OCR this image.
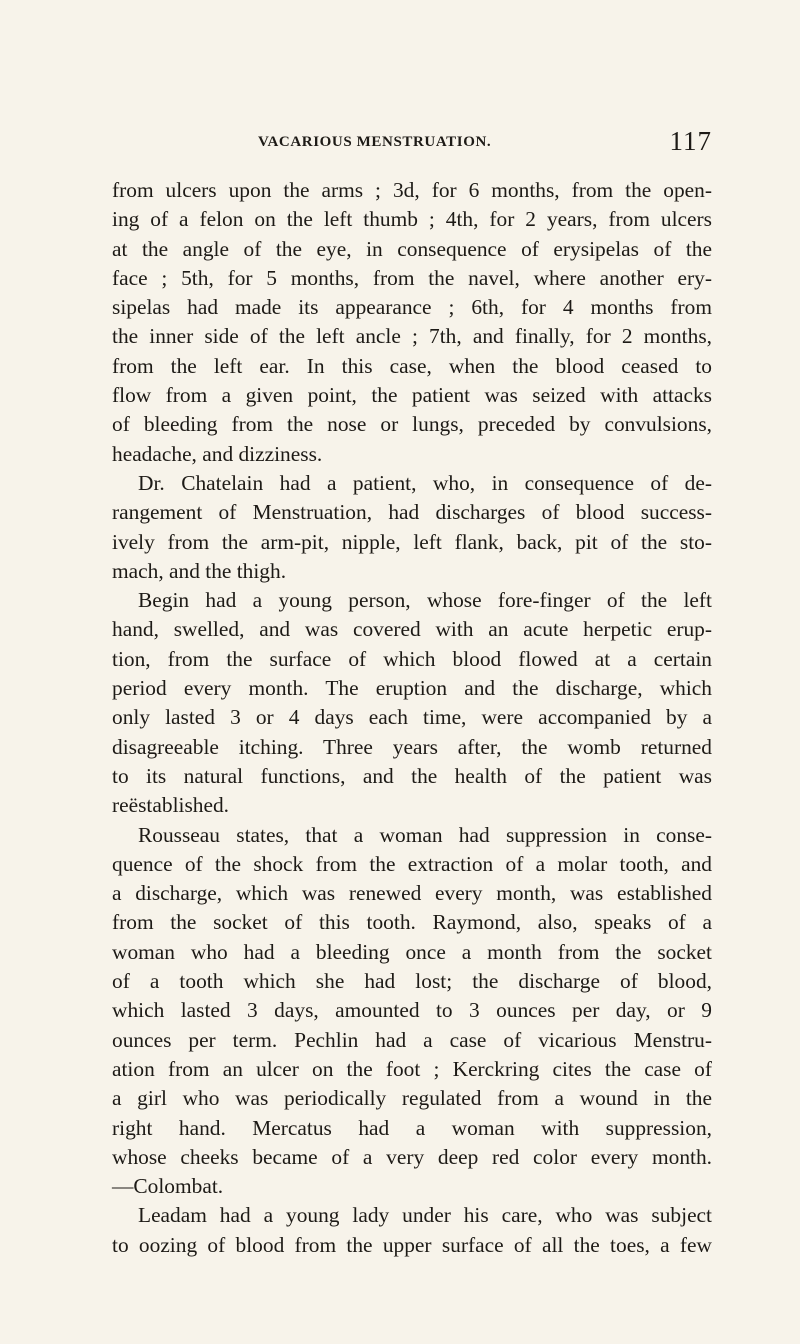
VACARIOUS MENSTRUATION.	117
from ulcers upon the arms ; 3d, for 6 months, from the open-
ing of a felon on the left thumb ; 4th, for 2 years, from ulcers
at the angle of the eye, in consequence of erysipelas of the
face ; 5th, for 5 months, from the navel, where another ery-
sipelas had made its appearance ; 6th, for 4 months from
the inner side of the left ancle ; 7th, and finally, for 2 months,
from the left ear. In this case, when the blood ceased to
flow from a given point, the patient was seized with attacks
of bleeding from the nose or lungs, preceded by convulsions,
headache, and dizziness.
Dr. Chatelain had a patient, who, in consequence of de-
rangement of Menstruation, had discharges of blood success-
ively from the arm-pit, nipple, left flank, back, pit of the sto-
mach, and the thigh.
Begin had a young person, whose fore-finger of the left
hand, swelled, and was covered with an acute herpetic erup-
tion, from the surface of which blood flowed at a certain
period every month. The eruption and the discharge, which
only lasted 3 or 4 days each time, were accompanied by a
disagreeable itching. Three years after, the womb returned
to its natural functions, and the health of the patient was
reëstablished.
Rousseau states, that a woman had suppression in conse-
quence of the shock from the extraction of a molar tooth, and
a discharge, which was renewed every month, was established
from the socket of this tooth. Raymond, also, speaks of a
woman who had a bleeding once a month from the socket
of a tooth which she had lost; the discharge of blood,
which lasted 3 days, amounted to 3 ounces per day, or 9
ounces per term. Pechlin had a case of vicarious Menstru-
ation from an ulcer on the foot ; Kerckring cites the case of
a girl who was periodically regulated from a wound in the
right hand. Mercatus had a woman with suppression,
whose cheeks became of a very deep red color every month.
—Colombat.
Leadam had a young lady under his care, who was subject
to oozing of blood from the upper surface of all the toes, a few
